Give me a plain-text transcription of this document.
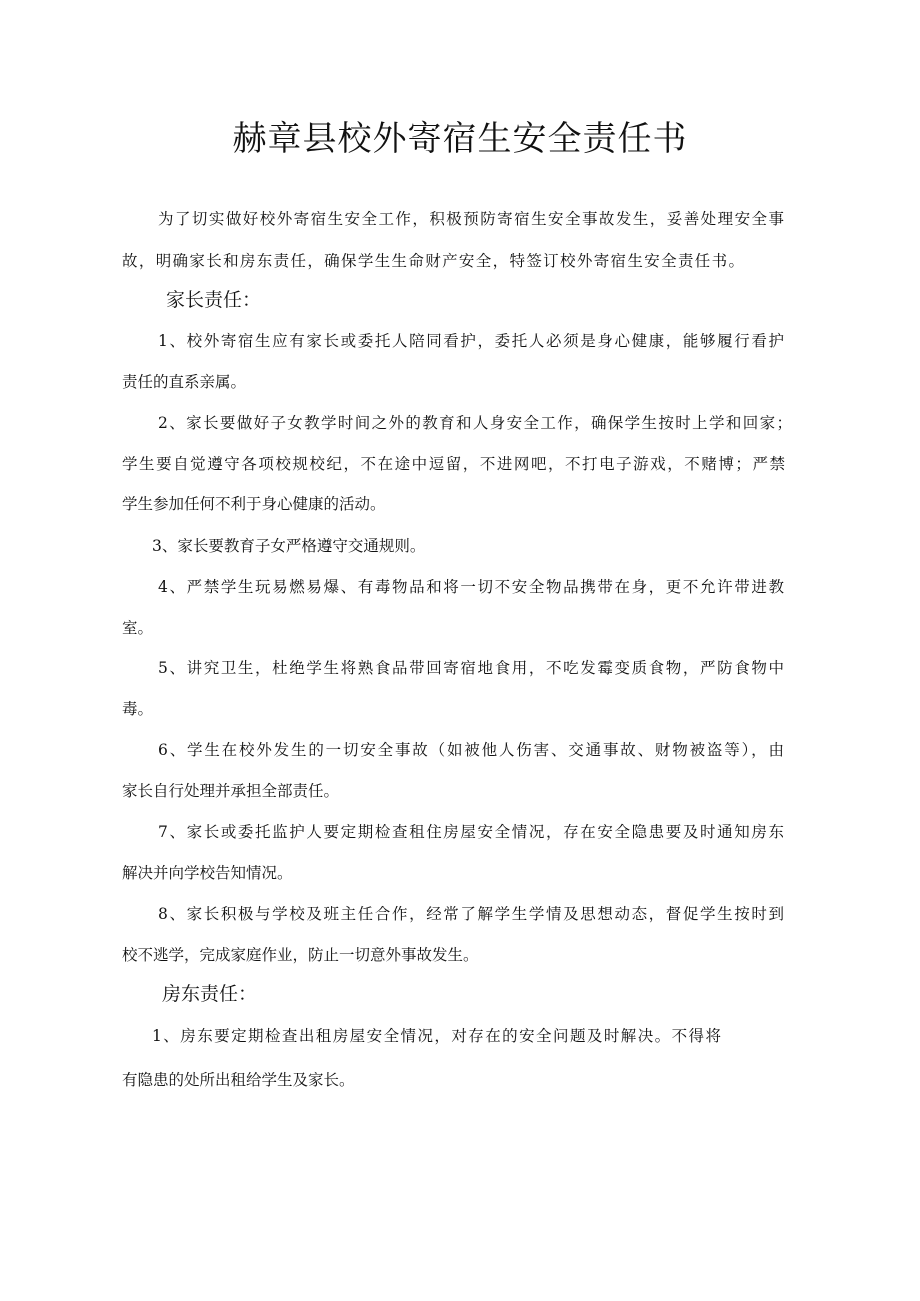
赫章县校外寄宿生安全责任书

为了切实做好校外寄宿生安全工作，积极预防寄宿生安全事故发生，妥善处理安全事

故，明确家长和房东责任，确保学生生命财产安全，特签订校外寄宿生安全责任书。

家长责任：

1、校外寄宿生应有家长或委托人陪同看护，委托人必须是身心健康，能够履行看护

责任的直系亲属。

2、家长要做好子女教学时间之外的教育和人身安全工作，确保学生按时上学和回家；

学生要自觉遵守各项校规校纪，不在途中逗留，不进网吧，不打电子游戏，不赌博；严禁

学生参加任何不利于身心健康的活动。

3、家长要教育子女严格遵守交通规则。

4、严禁学生玩易燃易爆、有毒物品和将一切不安全物品携带在身，更不允许带进教

室。

5、讲究卫生，杜绝学生将熟食品带回寄宿地食用，不吃发霉变质食物，严防食物中

毒。

6、学生在校外发生的一切安全事故（如被他人伤害、交通事故、财物被盗等），由

家长自行处理并承担全部责任。

7、家长或委托监护人要定期检查租住房屋安全情况，存在安全隐患要及时通知房东

解决并向学校告知情况。

8、家长积极与学校及班主任合作，经常了解学生学情及思想动态，督促学生按时到

校不逃学，完成家庭作业，防止一切意外事故发生。

房东责任：

1、房东要定期检查出租房屋安全情况，对存在的安全问题及时解决。不得将

有隐患的处所出租给学生及家长。
